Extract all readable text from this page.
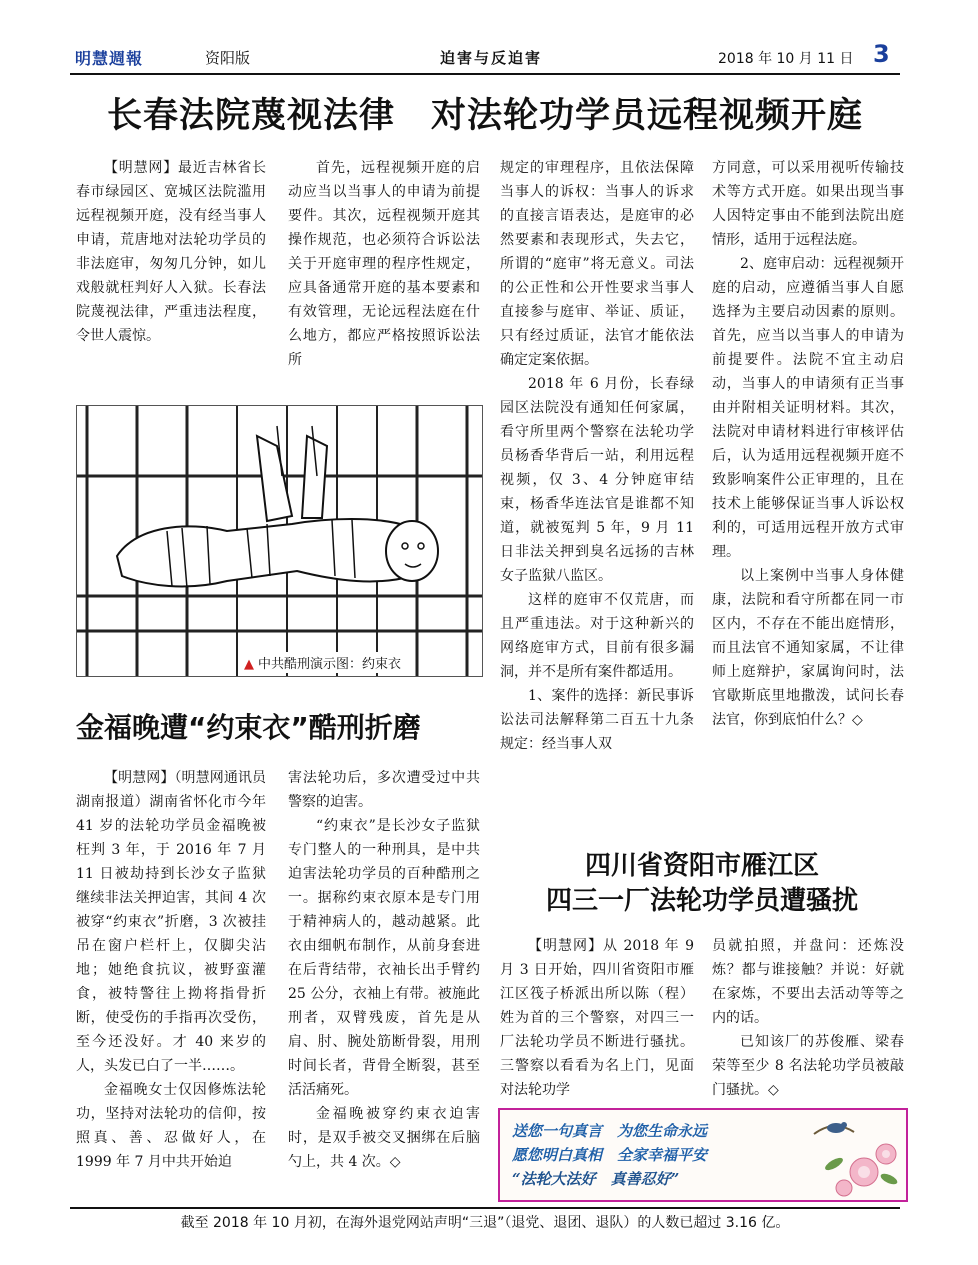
明慧週報	资阳版	迫害与反迫害	2018 年 10 月 11 日 3
长春法院蔑视法律　对法轮功学员远程视频开庭

【明慧网】最近吉林省长春市绿园区、宽城区法院滥用远程视频开庭，没有经当事人申请，荒唐地对法轮功学员的非法庭审，匆匆几分钟，如儿戏般就枉判好人入狱。长春法院蔑视法律，严重违法程度，令世人震惊。

首先，远程视频开庭的启动应当以当事人的申请为前提要件。其次，远程视频开庭其操作规范，也必须符合诉讼法关于开庭审理的程序性规定，应具备通常开庭的基本要素和有效管理，无论远程法庭在什么地方，都应严格按照诉讼法所

规定的审理程序，且依法保障当事人的诉权：当事人的诉求的直接言语表达，是庭审的必然要素和表现形式，失去它，所谓的“庭审”将无意义。司法的公正性和公开性要求当事人直接参与庭审、举证、质证，只有经过质证，法官才能依法确定定案依据。

2018 年 6 月份，长春绿园区法院没有通知任何家属，看守所里两个警察在法轮功学员杨香华背后一站，利用远程视频，仅 3、4 分钟庭审结束，杨香华连法官是谁都不知道，就被冤判 5 年，9 月 11 日非法关押到臭名远扬的吉林女子监狱八监区。

这样的庭审不仅荒唐，而且严重违法。对于这种新兴的网络庭审方式，目前有很多漏洞，并不是所有案件都适用。

1、案件的选择：新民事诉讼法司法解释第二百五十九条规定：经当事人双

方同意，可以采用视听传输技术等方式开庭。如果出现当事人因特定事由不能到法院出庭情形，适用于远程法庭。

2、庭审启动：远程视频开庭的启动，应遵循当事人自愿选择为主要启动因素的原则。首先，应当以当事人的申请为前提要件。法院不宜主动启动，当事人的申请须有正当事由并附相关证明材料。其次，法院对申请材料进行审核评估后，认为适用远程视频开庭不致影响案件公正审理的，且在技术上能够保证当事人诉讼权利的，可适用远程开放方式审理。

以上案例中当事人身体健康，法院和看守所都在同一市区内，不存在不能出庭情形，而且法官不通知家属，不让律师上庭辩护，家属询问时，法官歇斯底里地撒泼，试问长春法官，你到底怕什么？◇

▲ 中共酷刑演示图：约束衣
金福晚遭“约束衣”酷刑折磨

【明慧网】（明慧网通讯员湖南报道）湖南省怀化市今年 41 岁的法轮功学员金福晚被枉判 3 年，于 2016 年 7 月 11 日被劫持到长沙女子监狱继续非法关押迫害，其间 4 次被穿“约束衣”折磨，3 次被挂吊在窗户栏杆上，仅脚尖沾地；她绝食抗议，被野蛮灌食，被特警往上拗将指骨折断，使受伤的手指再次受伤，至今还没好。才 40 来岁的人，头发已白了一半……。

金福晚女士仅因修炼法轮功，坚持对法轮功的信仰，按照真、善、忍做好人，在 1999 年 7 月中共开始迫

害法轮功后，多次遭受过中共警察的迫害。

“约束衣”是长沙女子监狱专门整人的一种刑具，是中共迫害法轮功学员的百种酷刑之一。据称约束衣原本是专门用于精神病人的，越动越紧。此衣由细帆布制作，从前身套进在后背结带，衣袖长出手臂约 25 公分，衣袖上有带。被施此刑者，双臂残废，首先是从肩、肘、腕处筋断骨裂，用刑时间长者，背骨全断裂，甚至活活痛死。

金福晚被穿约束衣迫害时，是双手被交叉捆绑在后脑勺上，共 4 次。◇

四川省资阳市雁江区
四三一厂法轮功学员遭骚扰

【明慧网】从 2018 年 9 月 3 日开始，四川省资阳市雁江区筏子桥派出所以陈（程）姓为首的三个警察，对四三一厂法轮功学员不断进行骚扰。三警察以看看为名上门，见面对法轮功学

员就拍照，并盘问：还炼没炼？都与谁接触？并说：好就在家炼，不要出去活动等等之内的话。

已知该厂的苏俊雁、梁春荣等至少 8 名法轮功学员被敲门骚扰。◇

送您一句真言　为您生命永远
愿您明白真相　全家幸福平安
“法轮大法好　真善忍好”
截至 2018 年 10 月初，在海外退党网站声明“三退”（退党、退团、退队）的人数已超过 3.16 亿。
